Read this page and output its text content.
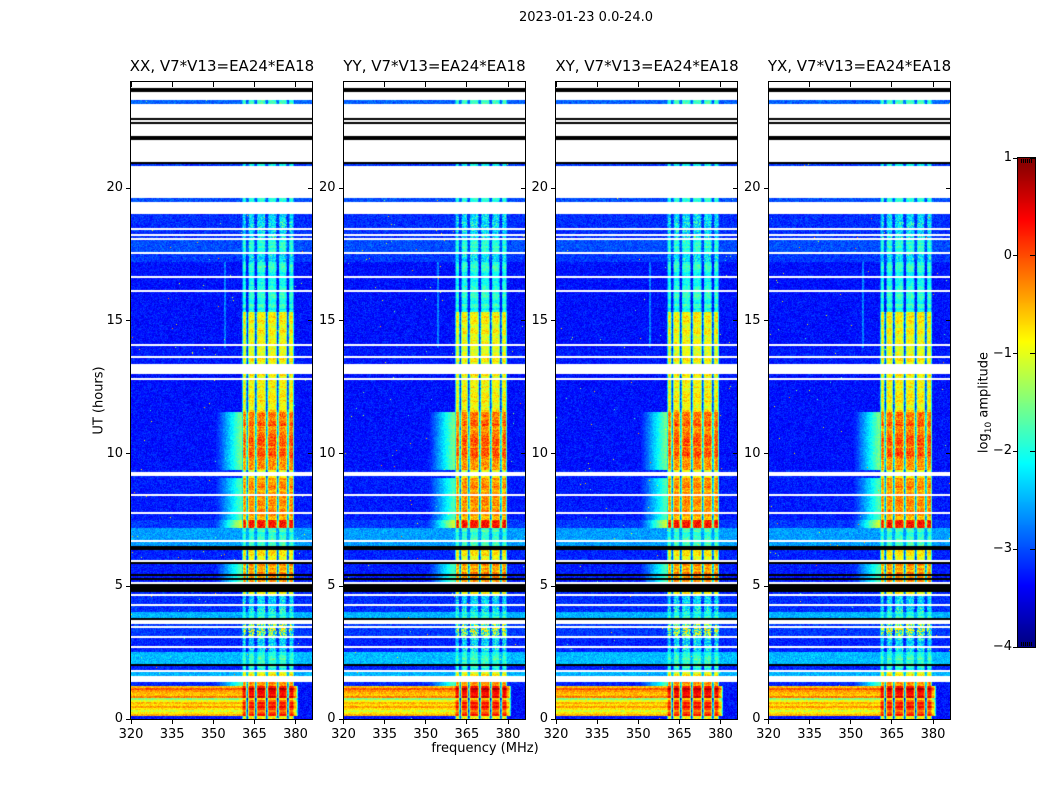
2023-01-23 0.0-24.0
XX, V7*V13=EA24*EA18	YY, V7*V13=EA24*EA18	XY, V7*V13=EA24*EA18	YX, V7*V13=EA24*EA18
UT (hours)
frequency (MHz)
$\log_{10}$ amplitude
320	335	350	365	380
0
5
10
15
20
320	335	350	365	380
0
5
10
15
20
320	335	350	365	380
0
5
10
15
20
320	335	350	365	380
0
5
10
15
20
1
0
−1
−2
−3
−4
